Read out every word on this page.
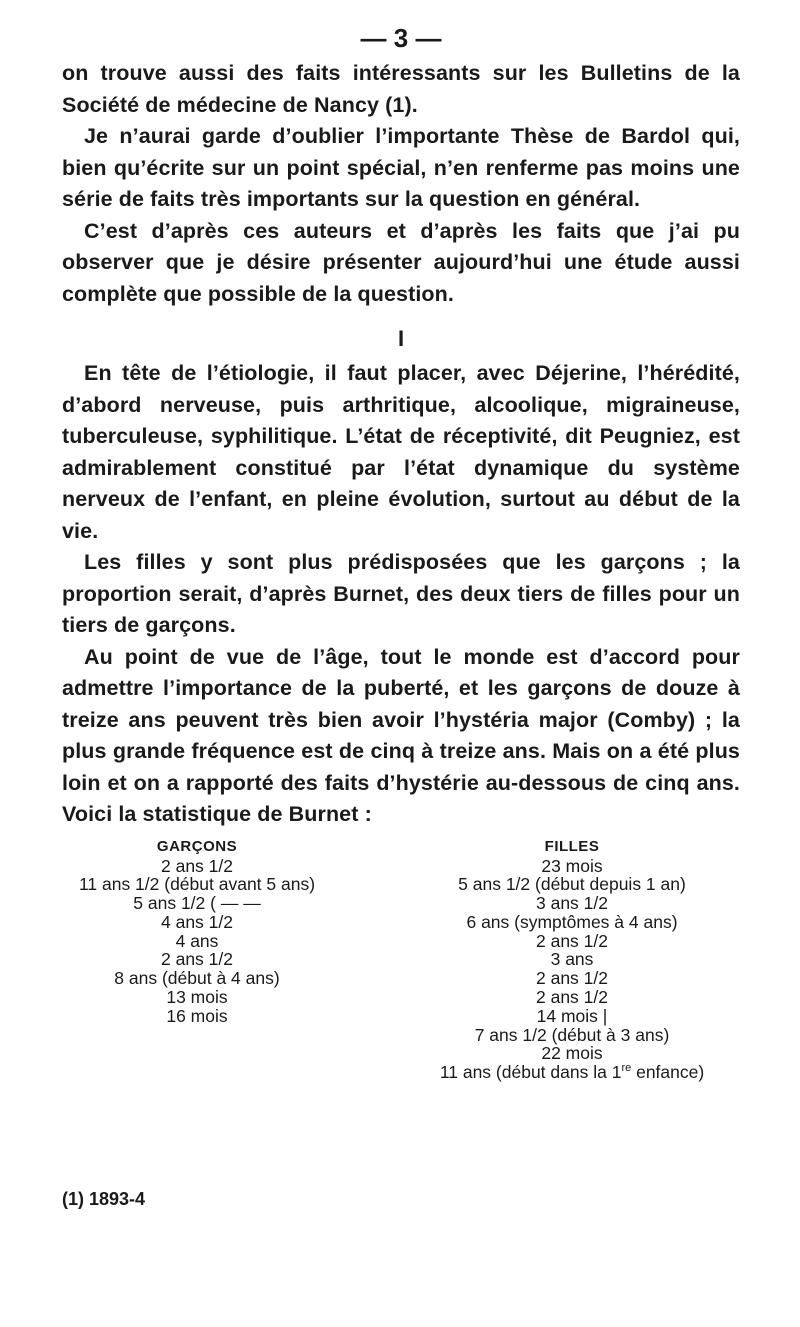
— 3 —

on trouve aussi des faits intéressants sur les Bulletins de la Société de médecine de Nancy (1).

Je n’aurai garde d’oublier l’importante Thèse de Bardol qui, bien qu’écrite sur un point spécial, n’en renferme pas moins une série de faits très importants sur la question en général.

C’est d’après ces auteurs et d’après les faits que j’ai pu observer que je désire présenter aujourd’hui une étude aussi complète que possible de la question.

I

En tête de l’étiologie, il faut placer, avec Déjerine, l’hérédité, d’abord nerveuse, puis arthritique, alcoolique, migraineuse, tuberculeuse, syphilitique. L’état de réceptivité, dit Peugniez, est admirablement constitué par l’état dynamique du système nerveux de l’enfant, en pleine évolution, surtout au début de la vie.

Les filles y sont plus prédisposées que les garçons ; la proportion serait, d’après Burnet, des deux tiers de filles pour un tiers de garçons.

Au point de vue de l’âge, tout le monde est d’accord pour admettre l’importance de la puberté, et les garçons de douze à treize ans peuvent très bien avoir l’hystéria major (Comby) ; la plus grande fréquence est de cinq à treize ans. Mais on a été plus loin et on a rapporté des faits d’hystérie au-dessous de cinq ans. Voici la statistique de Burnet :

GARÇONS
2 ans 1/2
11 ans 1/2 (début avant 5 ans)
5 ans 1/2 ( — —
4 ans 1/2
4 ans
2 ans 1/2
8 ans (début à 4 ans)
13 mois
16 mois
FILLES
23 mois
5 ans 1/2 (début depuis 1 an)
3 ans 1/2
6 ans (symptômes à 4 ans)
2 ans 1/2
3 ans
2 ans 1/2
2 ans 1/2
14 mois |
7 ans 1/2 (début à 3 ans)
22 mois
11 ans (début dans la 1re enfance)
(1) 1893-4
